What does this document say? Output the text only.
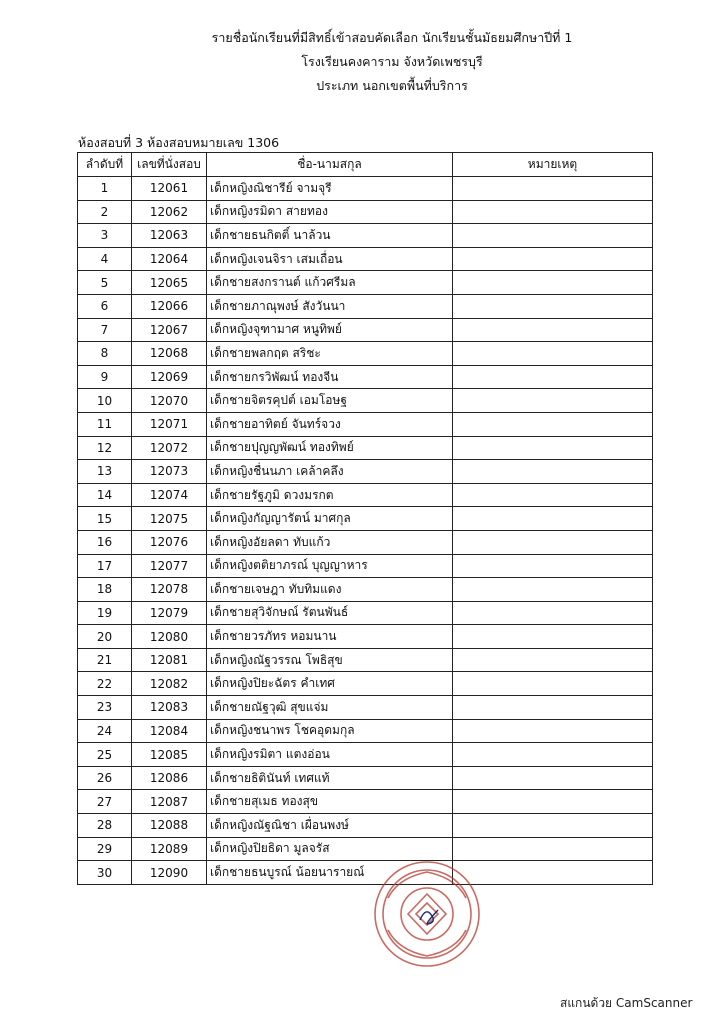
รายชื่อนักเรียนที่มีสิทธิ์เข้าสอบคัดเลือก นักเรียนชั้นมัธยมศึกษาปีที่ 1
โรงเรียนคงคาราม จังหวัดเพชรบุรี
ประเภท นอกเขตพื้นที่บริการ
ห้องสอบที่ 3 ห้องสอบหมายเลข 1306
ลำดับที่	เลขที่นั่งสอบ	ชื่อ-นามสกุล	หมายเหตุ
1	12061	เด็กหญิงณิชารีย์ จามจุรี	
2	12062	เด็กหญิงรมิดา สายทอง	
3	12063	เด็กชายธนกิตติ์ นาล้วน	
4	12064	เด็กหญิงเจนจิรา เสมเถื่อน	
5	12065	เด็กชายสงกรานต์ แก้วศรีมล	
6	12066	เด็กชายภาณุพงษ์ สังวันนา	
7	12067	เด็กหญิงจุฑามาศ หนูทิพย์	
8	12068	เด็กชายพลกฤต สริชะ	
9	12069	เด็กชายกรวิพัฒน์ ทองจีน	
10	12070	เด็กชายจิตรคุปต์ เอมโอษฐ	
11	12071	เด็กชายอาทิตย์ จันทร์จวง	
12	12072	เด็กชายปุญญพัฒน์ ทองทิพย์	
13	12073	เด็กหญิงชื่นนภา เคล้าคลึง	
14	12074	เด็กชายรัฐภูมิ ดวงมรกต	
15	12075	เด็กหญิงกัญญารัตน์ มาศกุล	
16	12076	เด็กหญิงอัยลดา ทับแก้ว	
17	12077	เด็กหญิงตติยาภรณ์ บุญญาหาร	
18	12078	เด็กชายเจษฎา ทับทิมแดง	
19	12079	เด็กชายสุวิจักษณ์ รัตนพันธ์	
20	12080	เด็กชายวรภัทร หอมนาน	
21	12081	เด็กหญิงณัฐวรรณ โพธิสุข	
22	12082	เด็กหญิงปิยะฉัตร คำเทศ	
23	12083	เด็กชายณัฐวุฒิ สุขแจ่ม	
24	12084	เด็กหญิงชนาพร โชคอุดมกุล	
25	12085	เด็กหญิงรมิตา แตงอ่อน	
26	12086	เด็กชายธิตินันท์ เทศแท้	
27	12087	เด็กชายสุเมธ ทองสุข	
28	12088	เด็กหญิงณัฐณิชา เผื่อนพงษ์	
29	12089	เด็กหญิงปิยธิดา มูลจรัส	
30	12090	เด็กชายธนบูรณ์ น้อยนารายณ์	
สแกนด้วย CamScanner
